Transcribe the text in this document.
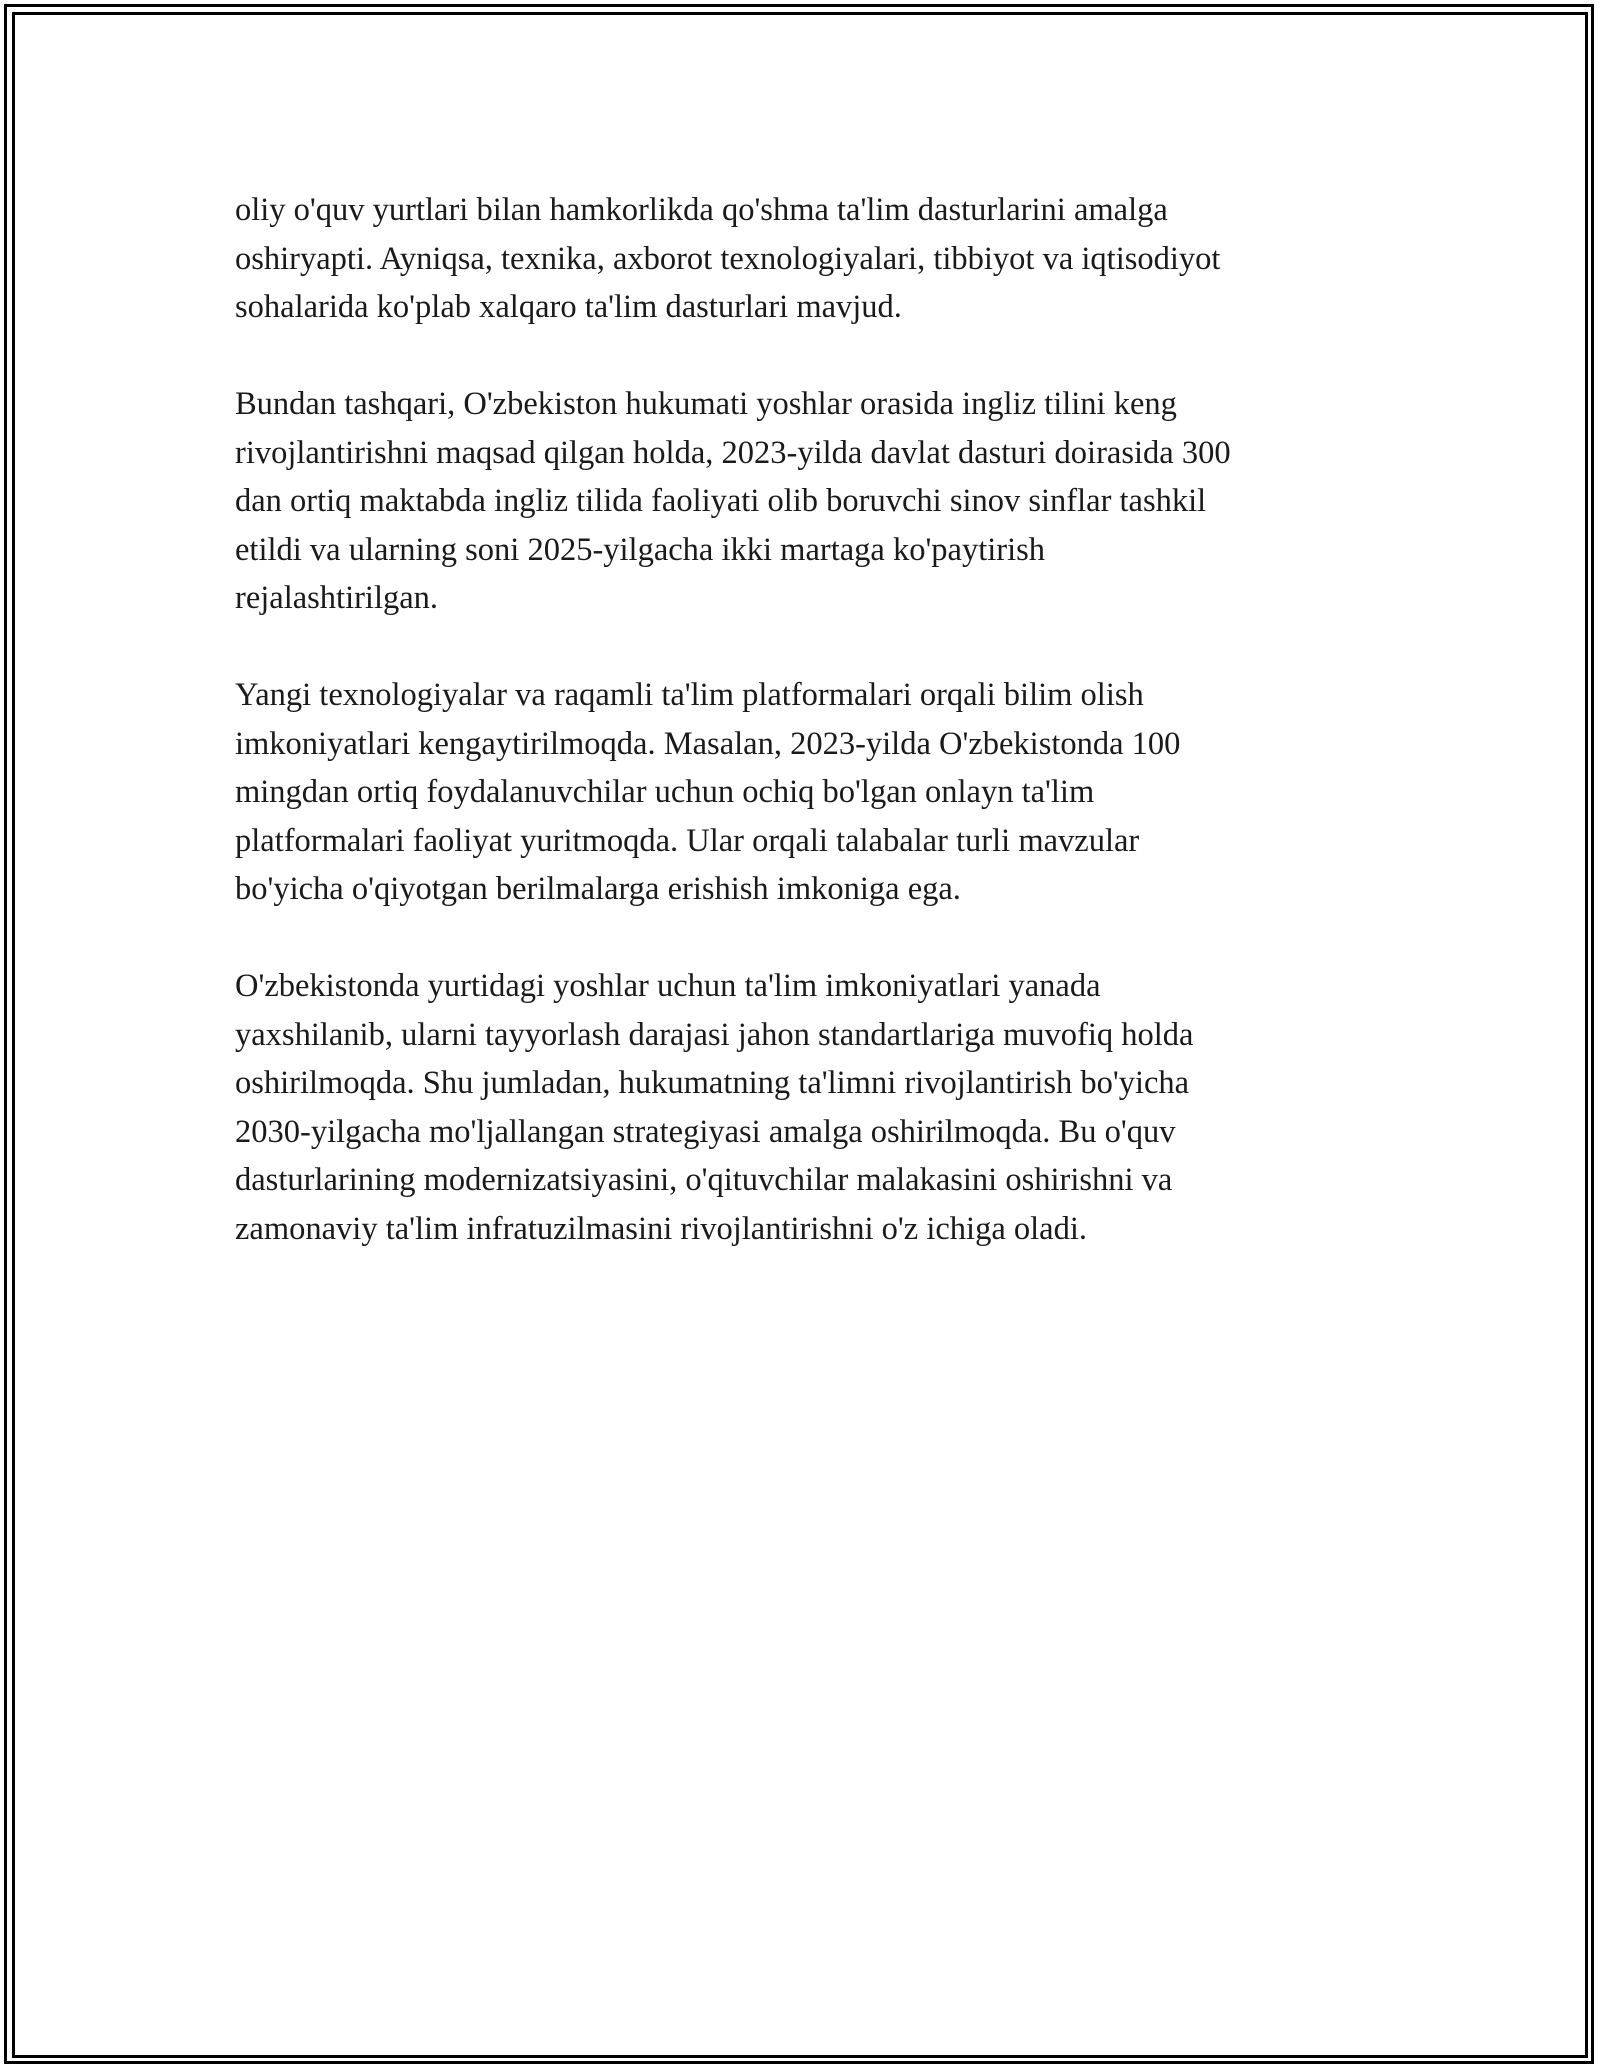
oliy o'quv yurtlari bilan hamkorlikda qo'shma ta'lim dasturlarini amalga
oshiryapti. Ayniqsa, texnika, axborot texnologiyalari, tibbiyot va iqtisodiyot
sohalarida ko'plab xalqaro ta'lim dasturlari mavjud.

Bundan tashqari, O'zbekiston hukumati yoshlar orasida ingliz tilini keng
rivojlantirishni maqsad qilgan holda, 2023-yilda davlat dasturi doirasida 300
dan ortiq maktabda ingliz tilida faoliyati olib boruvchi sinov sinflar tashkil
etildi va ularning soni 2025-yilgacha ikki martaga ko'paytirish
rejalashtirilgan.

Yangi texnologiyalar va raqamli ta'lim platformalari orqali bilim olish
imkoniyatlari kengaytirilmoqda. Masalan, 2023-yilda O'zbekistonda 100
mingdan ortiq foydalanuvchilar uchun ochiq bo'lgan onlayn ta'lim
platformalari faoliyat yuritmoqda. Ular orqali talabalar turli mavzular
bo'yicha o'qiyotgan berilmalarga erishish imkoniga ega.

O'zbekistonda yurtidagi yoshlar uchun ta'lim imkoniyatlari yanada
yaxshilanib, ularni tayyorlash darajasi jahon standartlariga muvofiq holda
oshirilmoqda. Shu jumladan, hukumatning ta'limni rivojlantirish bo'yicha
2030-yilgacha mo'ljallangan strategiyasi amalga oshirilmoqda. Bu o'quv
dasturlarining modernizatsiyasini, o'qituvchilar malakasini oshirishni va
zamonaviy ta'lim infratuzilmasini rivojlantirishni o'z ichiga oladi.
